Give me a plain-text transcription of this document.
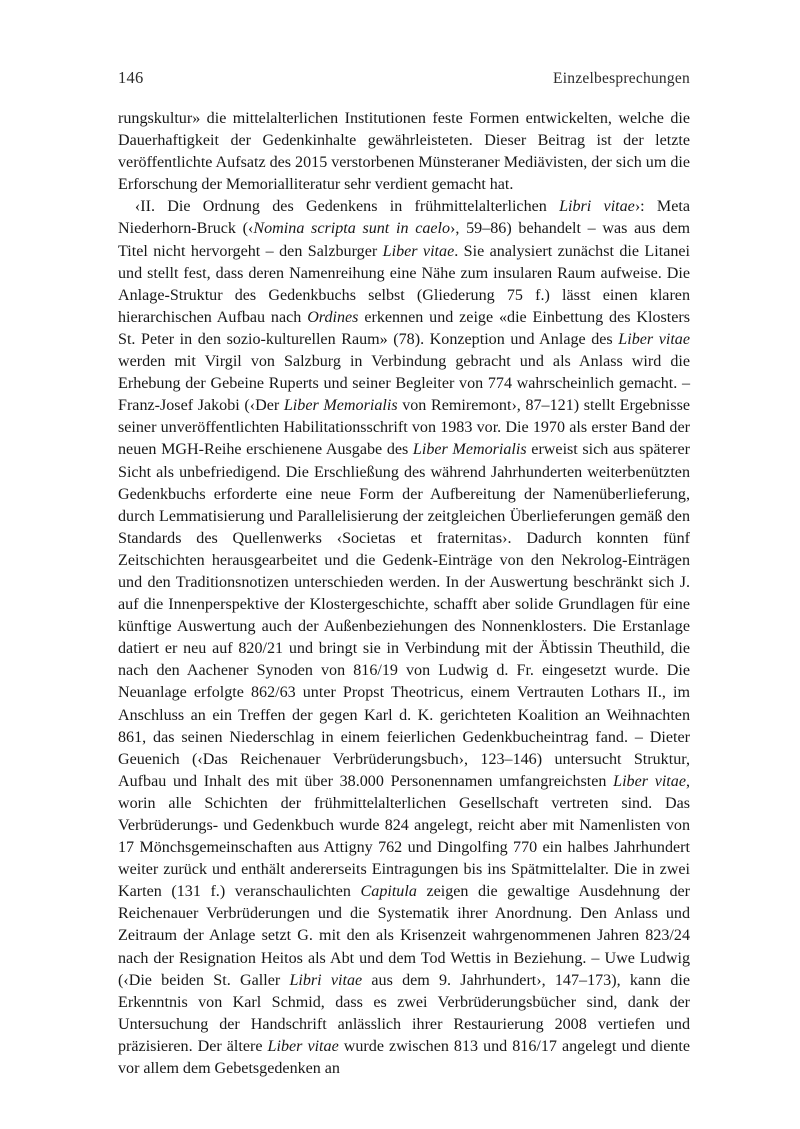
146	Einzelbesprechungen

rungskultur» die mittelalterlichen Institutionen feste Formen entwickelten, welche die Dauerhaftigkeit der Gedenkinhalte gewährleisteten. Dieser Beitrag ist der letzte veröffentlichte Aufsatz des 2015 verstorbenen Münsteraner Mediävisten, der sich um die Erforschung der Memorialliteratur sehr verdient gemacht hat.

‹II. Die Ordnung des Gedenkens in frühmittelalterlichen Libri vitae›: Meta Niederhorn-Bruck (‹Nomina scripta sunt in caelo›, 59–86) behandelt – was aus dem Titel nicht hervorgeht – den Salzburger Liber vitae. Sie analysiert zunächst die Litanei und stellt fest, dass deren Namenreihung eine Nähe zum insularen Raum aufweise. Die Anlage-Struktur des Gedenkbuchs selbst (Gliederung 75 f.) lässt einen klaren hierarchischen Aufbau nach Ordines erkennen und zeige «die Einbettung des Klosters St. Peter in den sozio-kulturellen Raum» (78). Konzeption und Anlage des Liber vitae werden mit Virgil von Salzburg in Verbindung gebracht und als Anlass wird die Erhebung der Gebeine Ruperts und seiner Begleiter von 774 wahrscheinlich gemacht. – Franz-Josef Jakobi (‹Der Liber Memorialis von Remiremont›, 87–121) stellt Ergebnisse seiner unveröffentlichten Habilitationsschrift von 1983 vor. Die 1970 als erster Band der neuen MGH-Reihe erschienene Ausgabe des Liber Memorialis erweist sich aus späterer Sicht als unbefriedigend. Die Erschließung des während Jahrhunderten weiterbenützten Gedenkbuchs erforderte eine neue Form der Aufbereitung der Namenüberlieferung, durch Lemmatisierung und Parallelisierung der zeitgleichen Überlieferungen gemäß den Standards des Quellenwerks ‹Societas et fraternitas›. Dadurch konnten fünf Zeitschichten herausgearbeitet und die Gedenk-Einträge von den Nekrolog-Einträgen und den Traditionsnotizen unterschieden werden. In der Auswertung beschränkt sich J. auf die Innenperspektive der Klostergeschichte, schafft aber solide Grundlagen für eine künftige Auswertung auch der Außenbeziehungen des Nonnenklosters. Die Erstanlage datiert er neu auf 820/21 und bringt sie in Verbindung mit der Äbtissin Theuthild, die nach den Aachener Synoden von 816/19 von Ludwig d. Fr. eingesetzt wurde. Die Neuanlage erfolgte 862/63 unter Propst Theotricus, einem Vertrauten Lothars II., im Anschluss an ein Treffen der gegen Karl d. K. gerichteten Koalition an Weihnachten 861, das seinen Niederschlag in einem feierlichen Gedenkbucheintrag fand. – Dieter Geuenich (‹Das Reichenauer Verbrüderungsbuch›, 123–146) untersucht Struktur, Aufbau und Inhalt des mit über 38.000 Personennamen umfangreichsten Liber vitae, worin alle Schichten der frühmittelalterlichen Gesellschaft vertreten sind. Das Verbrüderungs- und Gedenkbuch wurde 824 angelegt, reicht aber mit Namenlisten von 17 Mönchsgemeinschaften aus Attigny 762 und Dingolfing 770 ein halbes Jahrhundert weiter zurück und enthält andererseits Eintragungen bis ins Spätmittelalter. Die in zwei Karten (131 f.) veranschaulichten Capitula zeigen die gewaltige Ausdehnung der Reichenauer Verbrüderungen und die Systematik ihrer Anordnung. Den Anlass und Zeitraum der Anlage setzt G. mit den als Krisenzeit wahrgenommenen Jahren 823/24 nach der Resignation Heitos als Abt und dem Tod Wettis in Beziehung. – Uwe Ludwig (‹Die beiden St. Galler Libri vitae aus dem 9. Jahrhundert›, 147–173), kann die Erkenntnis von Karl Schmid, dass es zwei Verbrüderungsbücher sind, dank der Untersuchung der Handschrift anlässlich ihrer Restaurierung 2008 vertiefen und präzisieren. Der ältere Liber vitae wurde zwischen 813 und 816/17 angelegt und diente vor allem dem Gebetsgedenken an
